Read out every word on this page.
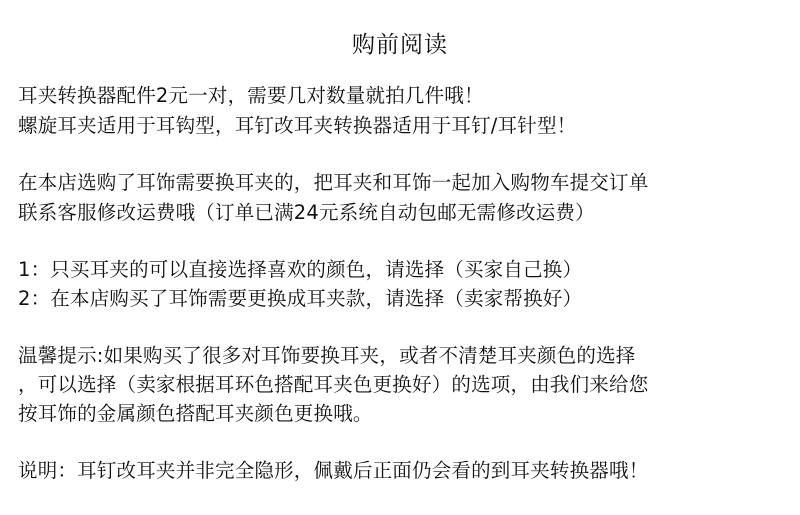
购前阅读
耳夹转换器配件2元一对，需要几对数量就拍几件哦！
螺旋耳夹适用于耳钩型，耳钉改耳夹转换器适用于耳钉/耳针型！
在本店选购了耳饰需要换耳夹的，把耳夹和耳饰一起加入购物车提交订单
联系客服修改运费哦（订单已满24元系统自动包邮无需修改运费）
1：只买耳夹的可以直接选择喜欢的颜色，请选择（买家自己换）
2：在本店购买了耳饰需要更换成耳夹款，请选择（卖家帮换好）
温馨提示:如果购买了很多对耳饰要换耳夹，或者不清楚耳夹颜色的选择
，可以选择（卖家根据耳环色搭配耳夹色更换好）的选项，由我们来给您
按耳饰的金属颜色搭配耳夹颜色更换哦。
说明：耳钉改耳夹并非完全隐形，佩戴后正面仍会看的到耳夹转换器哦！
